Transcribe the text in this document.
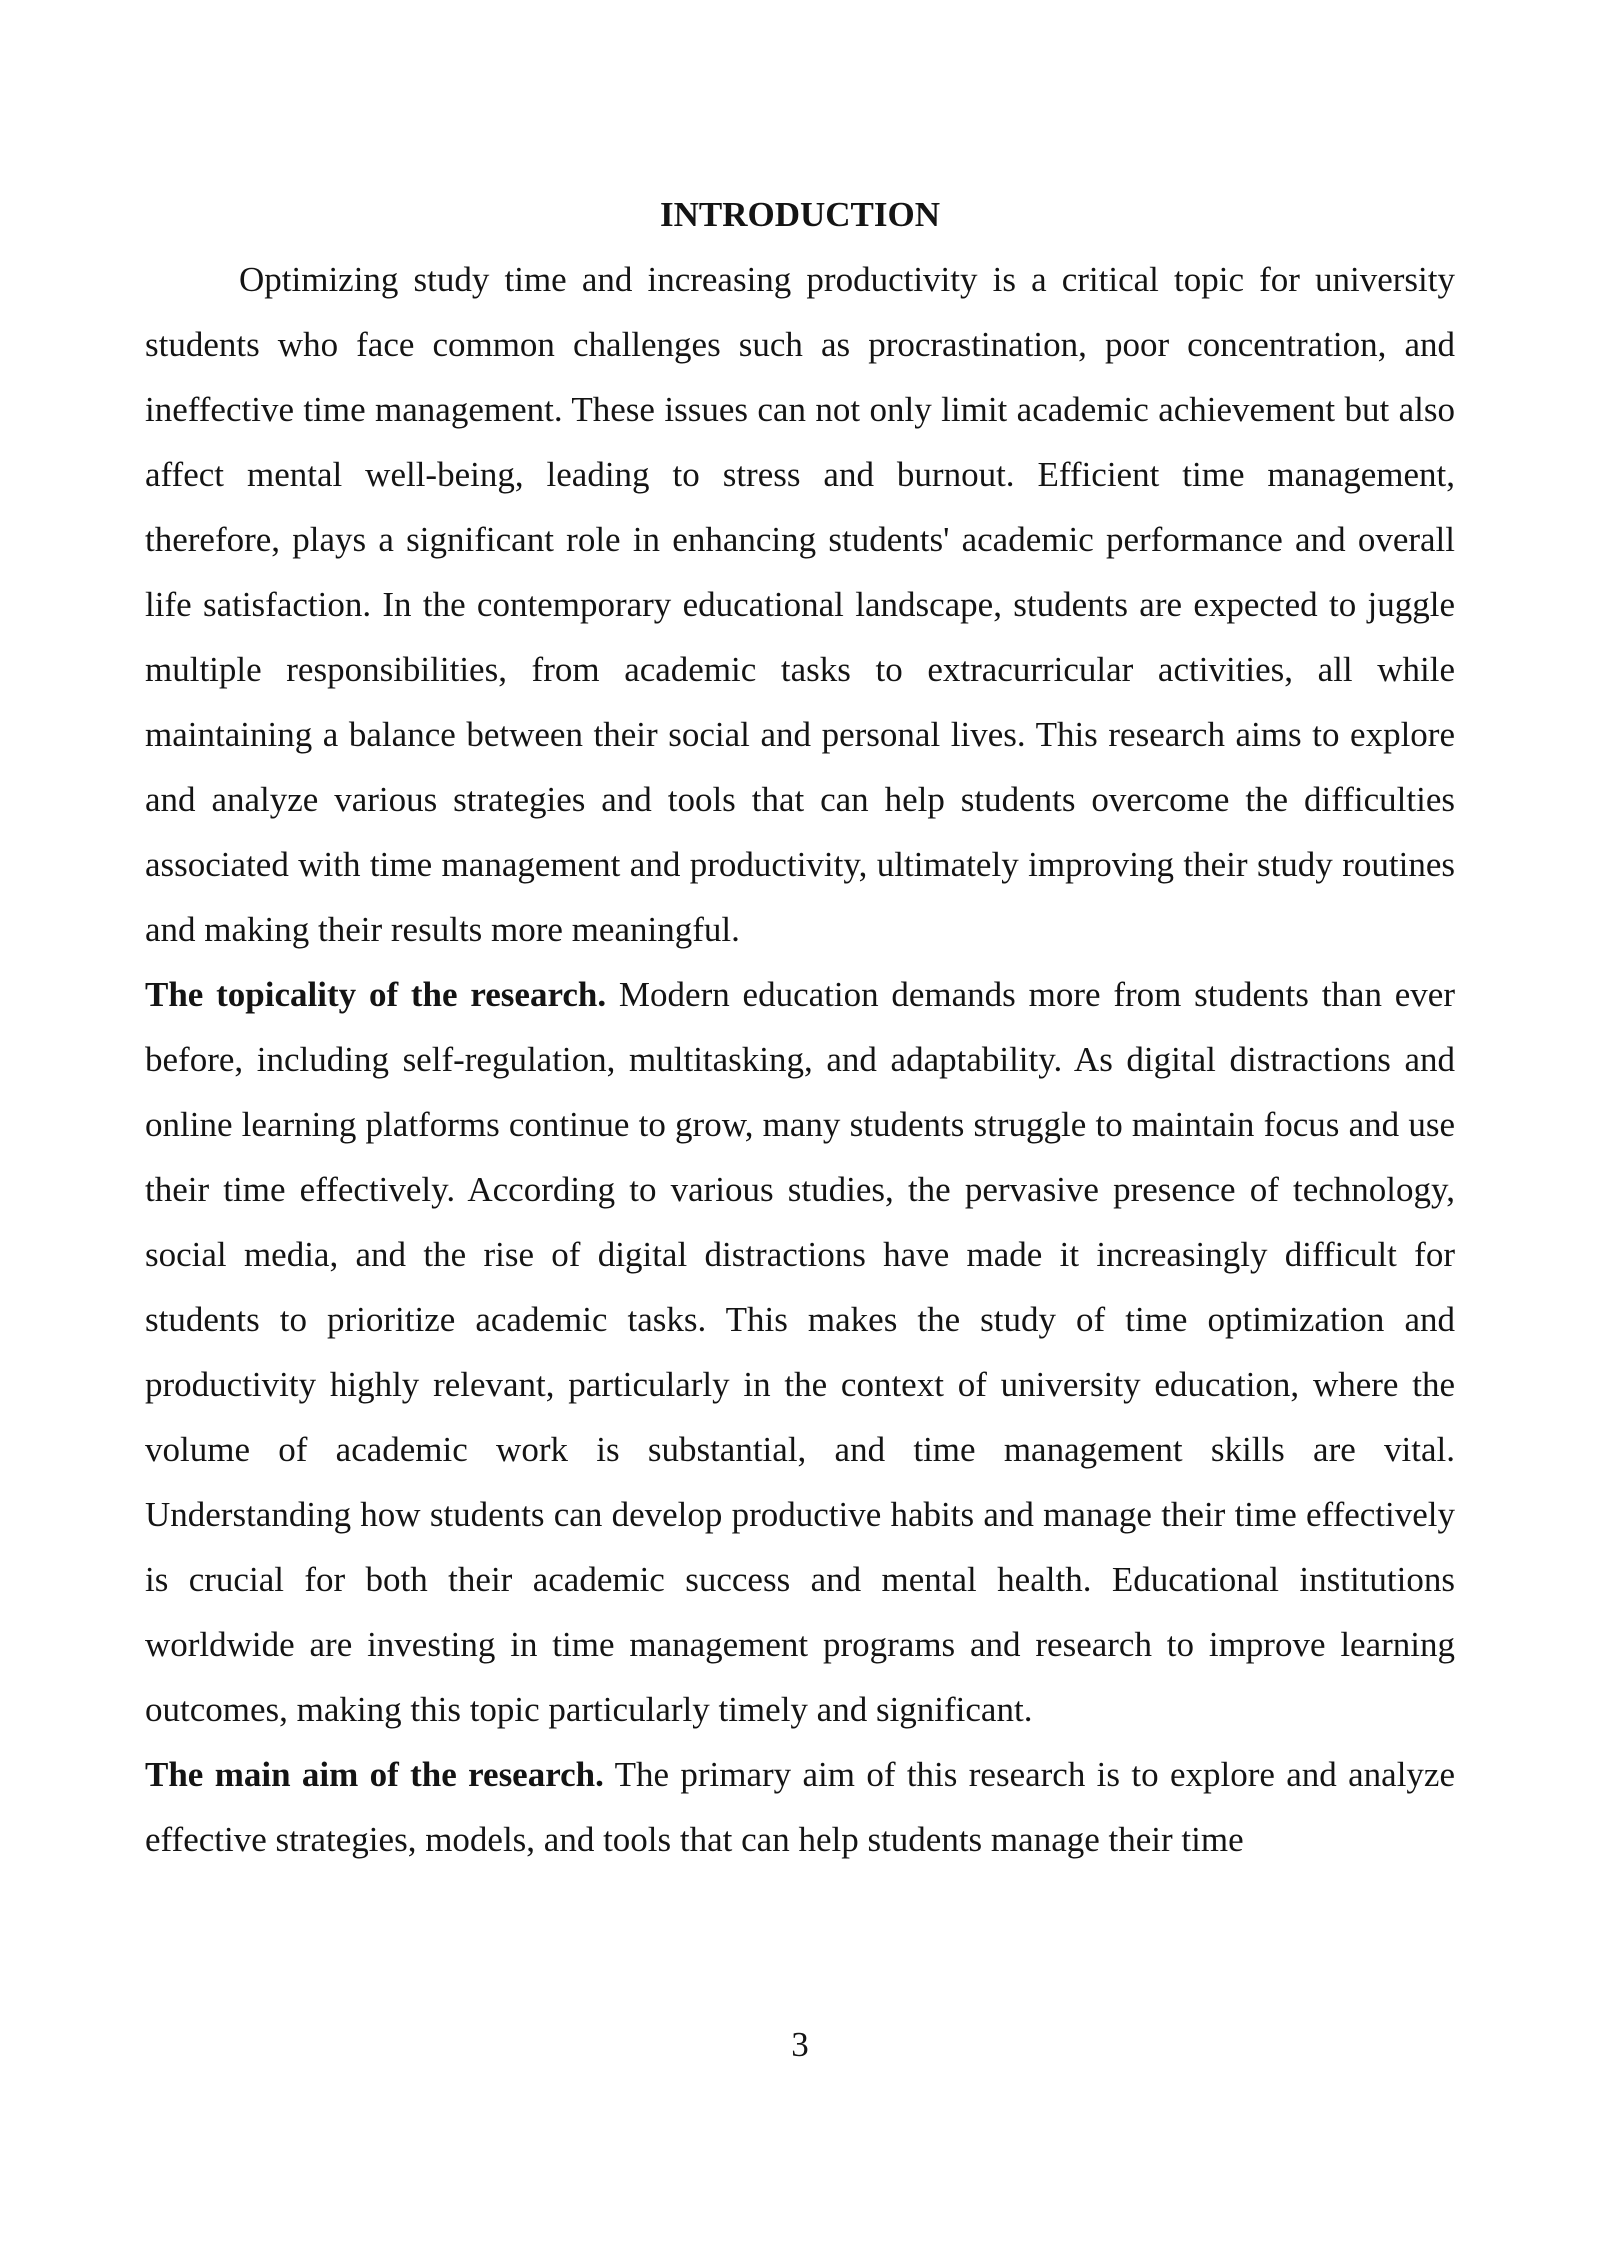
INTRODUCTION

Optimizing study time and increasing productivity is a critical topic for university students who face common challenges such as procrastination, poor concentration, and ineffective time management. These issues can not only limit academic achievement but also affect mental well-being, leading to stress and burnout. Efficient time management, therefore, plays a significant role in enhancing students' academic performance and overall life satisfaction. In the contemporary educational landscape, students are expected to juggle multiple responsibilities, from academic tasks to extracurricular activities, all while maintaining a balance between their social and personal lives. This research aims to explore and analyze various strategies and tools that can help students overcome the difficulties associated with time management and productivity, ultimately improving their study routines and making their results more meaningful.

The topicality of the research. Modern education demands more from students than ever before, including self-regulation, multitasking, and adaptability. As digital distractions and online learning platforms continue to grow, many students struggle to maintain focus and use their time effectively. According to various studies, the pervasive presence of technology, social media, and the rise of digital distractions have made it increasingly difficult for students to prioritize academic tasks. This makes the study of time optimization and productivity highly relevant, particularly in the context of university education, where the volume of academic work is substantial, and time management skills are vital. Understanding how students can develop productive habits and manage their time effectively is crucial for both their academic success and mental health. Educational institutions worldwide are investing in time management programs and research to improve learning outcomes, making this topic particularly timely and significant.

The main aim of the research. The primary aim of this research is to explore and analyze effective strategies, models, and tools that can help students manage their time

3
